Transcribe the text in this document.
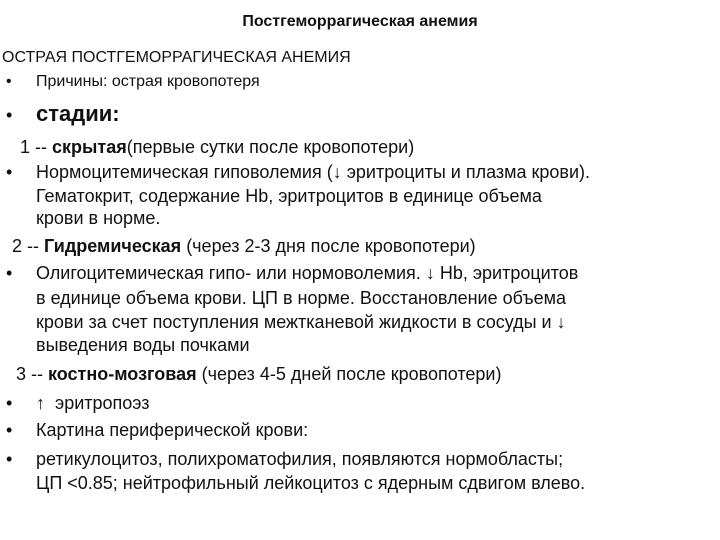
Постгеморрагическая анемия
ОСТРАЯ ПОСТГЕМОРРАГИЧЕСКАЯ АНЕМИЯ
• Причины: острая кровопотеря
• стадии:
1 -- скрытая(первые сутки после кровопотери)
• Нормоцитемическая гиповолемия (↓ эритроциты и плазма крови).
Гематокрит, содержание Hb, эритроцитов в единице объема
крови в норме.
2 -- Гидремическая (через 2-3 дня после кровопотери)
• Олигоцитемическая гипо- или нормоволемия. ↓ Hb, эритроцитов
в единице объема крови. ЦП в норме. Восстановление объема
крови за счет поступления межтканевой жидкости в сосуды и ↓
выведения воды почками
3 -- костно-мозговая (через 4-5 дней после кровопотери)
• ↑ эритропоэз
• Картина периферической крови:
• ретикулоцитоз, полихроматофилия, появляются нормобласты;
ЦП <0.85; нейтрофильный лейкоцитоз с ядерным сдвигом влево.
